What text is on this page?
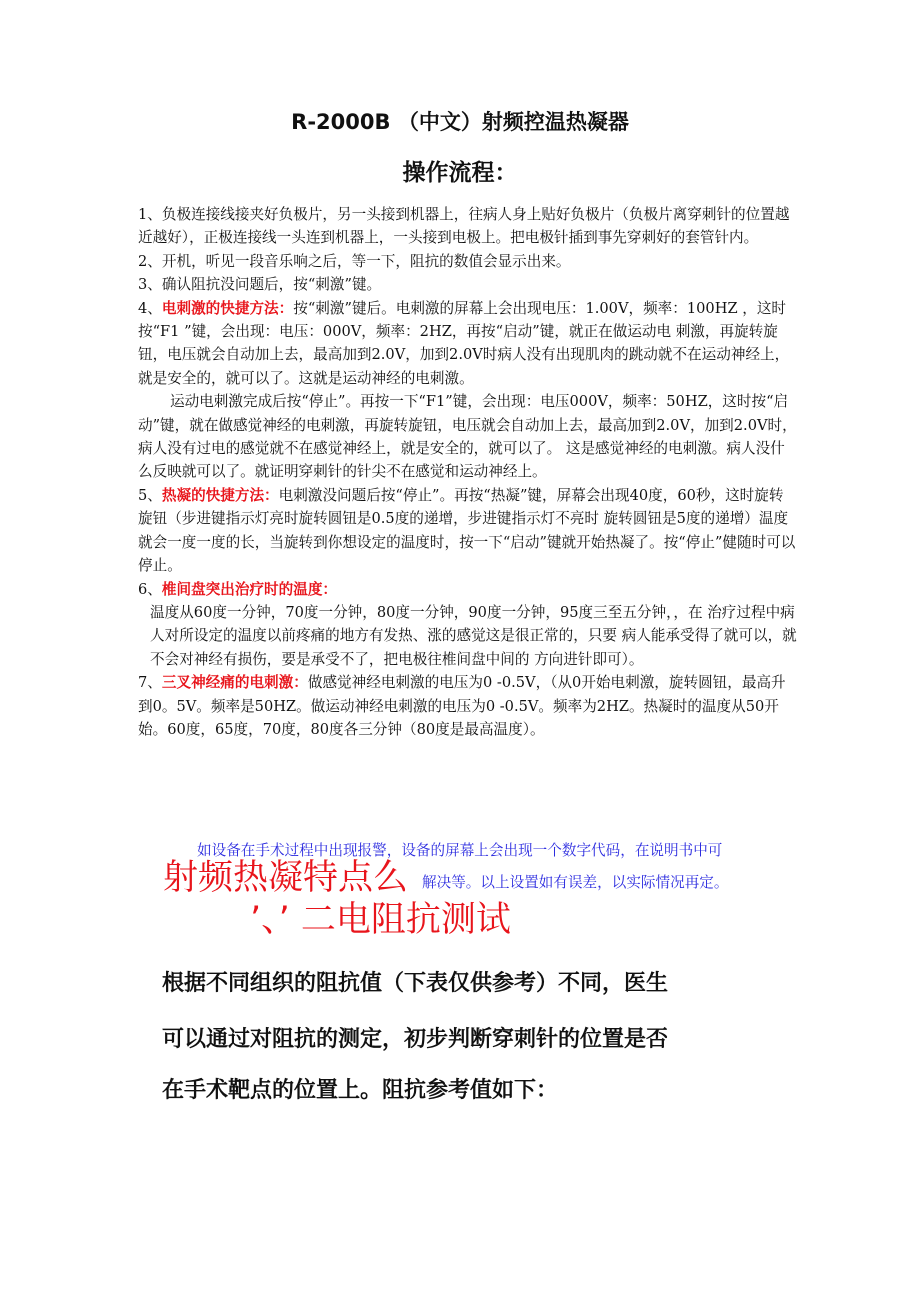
R-2000B （中文）射频控温热凝器
操作流程：

1、负极连接线接夹好负极片，另一头接到机器上，往病人身上贴好负极片（负极片离穿刺针的位置越近越好），正极连接线一头连到机器上，一头接到电极上。把电极针插到事先穿刺好的套管针内。

2、开机，听见一段音乐响之后，等一下，阻抗的数值会显示出来。

3、确认阻抗没问题后，按“刺激”键。

4、电刺激的快捷方法：按“刺激”键后。电刺激的屏幕上会出现电压：1.00V，频率：100HZ ，这时按“F1 ”键，会出现：电压：000V，频率：2HZ，再按“启动”键，就正在做运动电 刺激，再旋转旋钮，电压就会自动加上去，最高加到2.0V，加到2.0V时病人没有出现肌肉的跳动就不在运动神经上，就是安全的，就可以了。这就是运动神经的电刺激。

运动电刺激完成后按“停止”。再按一下“F1”键，会出现：电压000V，频率：50HZ，这时按“启动”键，就在做感觉神经的电刺激，再旋转旋钮，电压就会自动加上去，最高加到2.0V，加到2.0V时，病人没有过电的感觉就不在感觉神经上，就是安全的，就可以了。 这是感觉神经的电刺激。病人没什么反映就可以了。就证明穿刺针的针尖不在感觉和运动神经上。

5、热凝的快捷方法：电刺激没问题后按“停止”。再按“热凝”键，屏幕会出现40度，60秒，这时旋转旋钮（步进键指示灯亮时旋转圆钮是0.5度的递增，步进键指示灯不亮时 旋转圆钮是5度的递增）温度就会一度一度的长，当旋转到你想设定的温度时，按一下“启动”键就开始热凝了。按“停止”健随时可以停止。

6、椎间盘突出治疗时的温度：

温度从60度一分钟，70度一分钟，80度一分钟，90度一分钟，95度三至五分钟，，在 治疗过程中病人对所设定的温度以前疼痛的地方有发热、涨的感觉这是很正常的，只要 病人能承受得了就可以，就不会对神经有损伤，要是承受不了，把电极往椎间盘中间的 方向进针即可）。

7、三叉神经痛的电刺激：做感觉神经电刺激的电压为0 -0.5V，（从0开始电刺激，旋转圆钮，最高升到0。5V。频率是50HZ。做运动神经电刺激的电压为0 -0.5V。频率为2HZ。热凝时的温度从50开始。60度，65度，70度，80度各三分钟（80度是最高温度）。

如设备在手术过程中出现报警，设备的屏幕上会出现一个数字代码，在说明书中可
射频热凝特点么 解决等。以上设置如有误差，以实际情况再定。
’、’ 二电阻抗测试
根据不同组织的阻抗值（下表仅供参考）不同，医生
可以通过对阻抗的测定，初步判断穿刺针的位置是否
在手术靶点的位置上。阻抗参考值如下：
